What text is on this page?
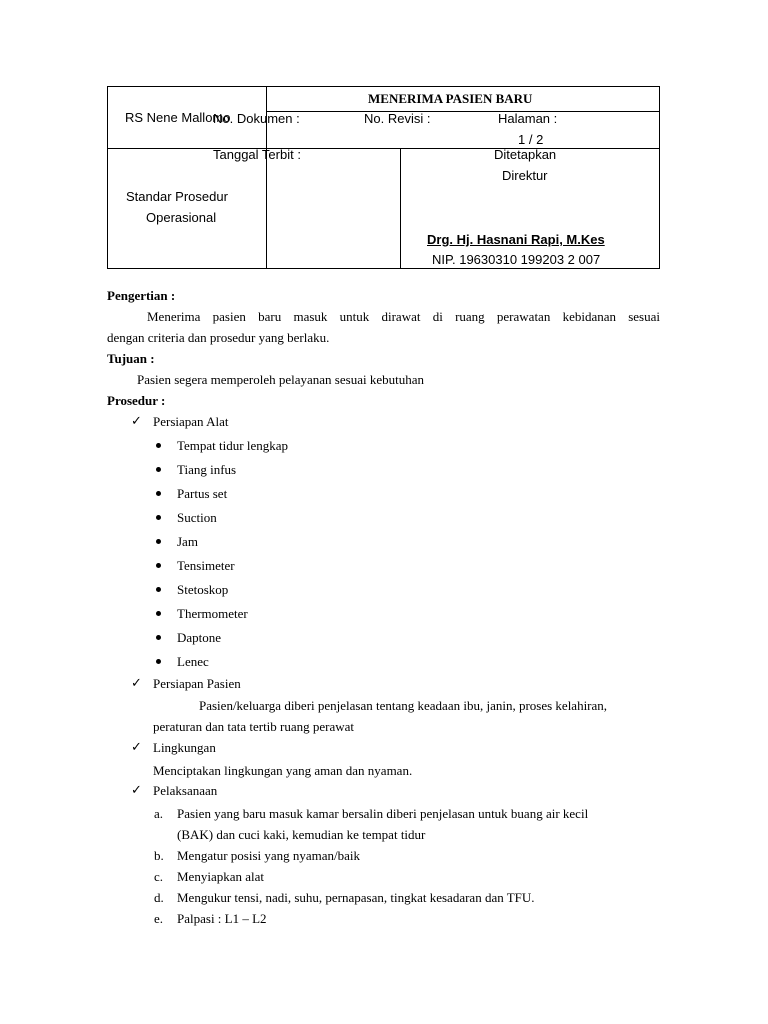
RS Nene Mallomo
MENERIMA PASIEN BARU
No. Dokumen :	No. Revisi :	Halaman :
1 / 2
Standar Prosedur
Operasional
Tanggal Terbit :	Ditetapkan
Direktur
Drg. Hj. Hasnani Rapi, M.Kes
NIP. 19630310 199203 2 007
Pengertian :
Menerima pasien baru masuk untuk dirawat di ruang perawatan kebidanan sesuai
dengan criteria dan prosedur yang berlaku.
Tujuan :
Pasien segera memperoleh pelayanan sesuai kebutuhan
Prosedur :
✓ Persiapan Alat
Tempat tidur lengkap
Tiang infus
Partus set
Suction
Jam
Tensimeter
Stetoskop
Thermometer
Daptone
Lenec
✓ Persiapan Pasien
Pasien/keluarga diberi penjelasan tentang keadaan ibu, janin, proses kelahiran,
peraturan dan tata tertib ruang perawat
✓ Lingkungan
Menciptakan lingkungan yang aman dan nyaman.
✓ Pelaksanaan
a. Pasien yang baru masuk kamar bersalin diberi penjelasan untuk buang air kecil
(BAK) dan cuci kaki, kemudian ke tempat tidur
b. Mengatur posisi yang nyaman/baik
c. Menyiapkan alat
d. Mengukur tensi, nadi, suhu, pernapasan, tingkat kesadaran dan TFU.
e. Palpasi : L1 – L2
